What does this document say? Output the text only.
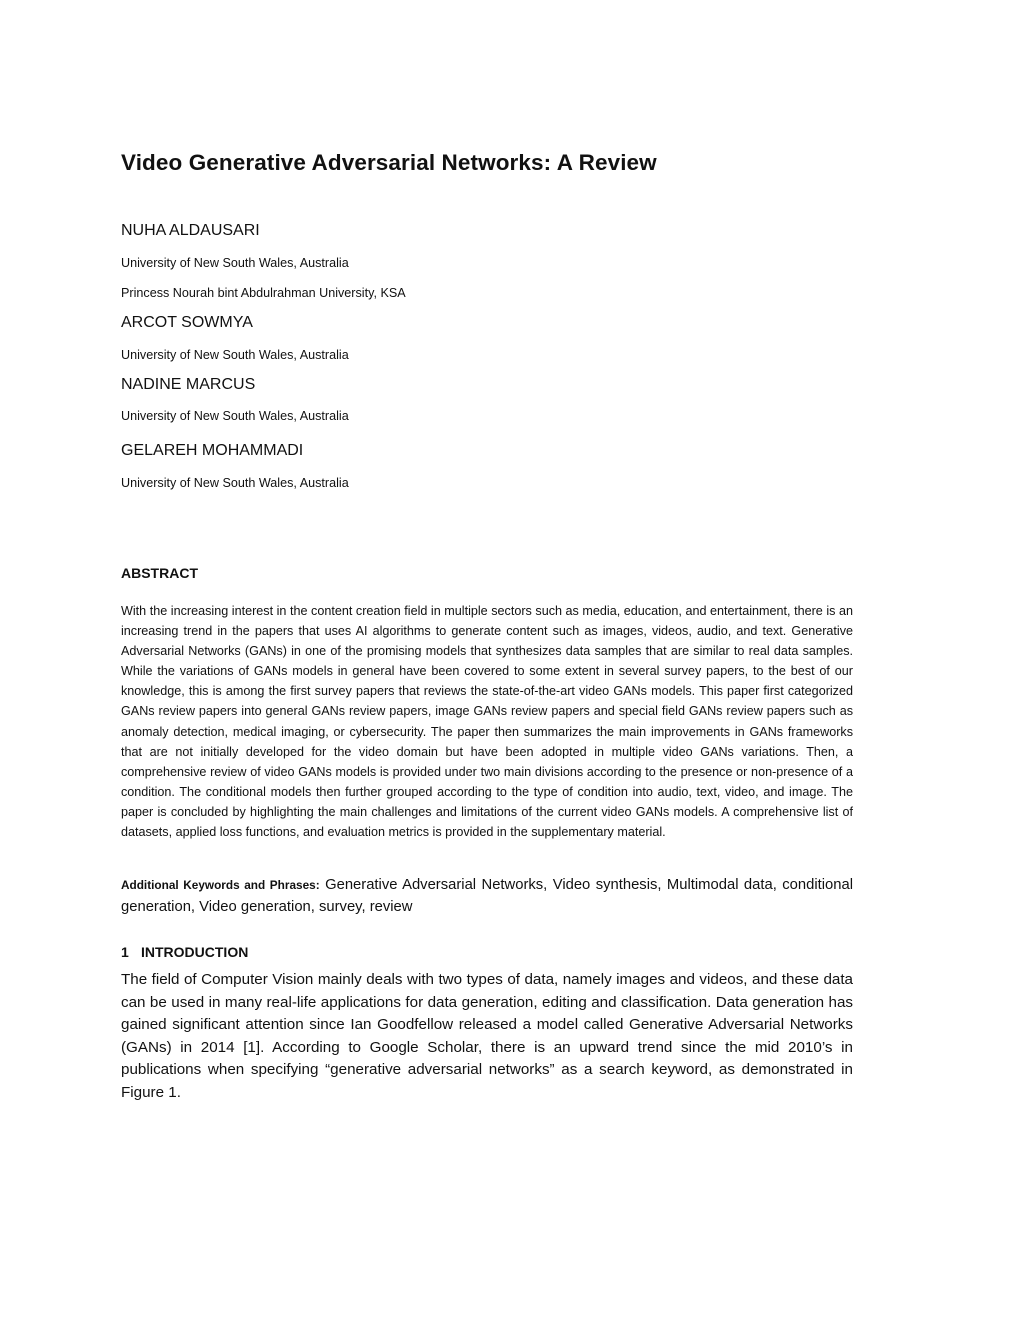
Video Generative Adversarial Networks: A Review
NUHA ALDAUSARI
University of New South Wales, Australia
Princess Nourah bint Abdulrahman University, KSA
ARCOT SOWMYA
University of New South Wales, Australia
NADINE MARCUS
University of New South Wales, Australia
GELAREH MOHAMMADI
University of New South Wales, Australia
ABSTRACT

With the increasing interest in the content creation field in multiple sectors such as media, education, and entertainment, there is an increasing trend in the papers that uses AI algorithms to generate content such as images, videos, audio, and text. Generative Adversarial Networks (GANs) in one of the promising models that synthesizes data samples that are similar to real data samples. While the variations of GANs models in general have been covered to some extent in several survey papers, to the best of our knowledge, this is among the first survey papers that reviews the state-of-the-art video GANs models. This paper first categorized GANs review papers into general GANs review papers, image GANs review papers and special field GANs review papers such as anomaly detection, medical imaging, or cybersecurity. The paper then summarizes the main improvements in GANs frameworks that are not initially developed for the video domain but have been adopted in multiple video GANs variations. Then, a comprehensive review of video GANs models is provided under two main divisions according to the presence or non-presence of a condition. The conditional models then further grouped according to the type of condition into audio, text, video, and image. The paper is concluded by highlighting the main challenges and limitations of the current video GANs models. A comprehensive list of datasets, applied loss functions, and evaluation metrics is provided in the supplementary material.

Additional Keywords and Phrases: Generative Adversarial Networks, Video synthesis, Multimodal data, conditional generation, Video generation, survey, review

1 INTRODUCTION

The field of Computer Vision mainly deals with two types of data, namely images and videos, and these data can be used in many real-life applications for data generation, editing and classification. Data generation has gained significant attention since Ian Goodfellow released a model called Generative Adversarial Networks (GANs) in 2014 [1]. According to Google Scholar, there is an upward trend since the mid 2010’s in publications when specifying “generative adversarial networks” as a search keyword, as demonstrated in Figure 1.
